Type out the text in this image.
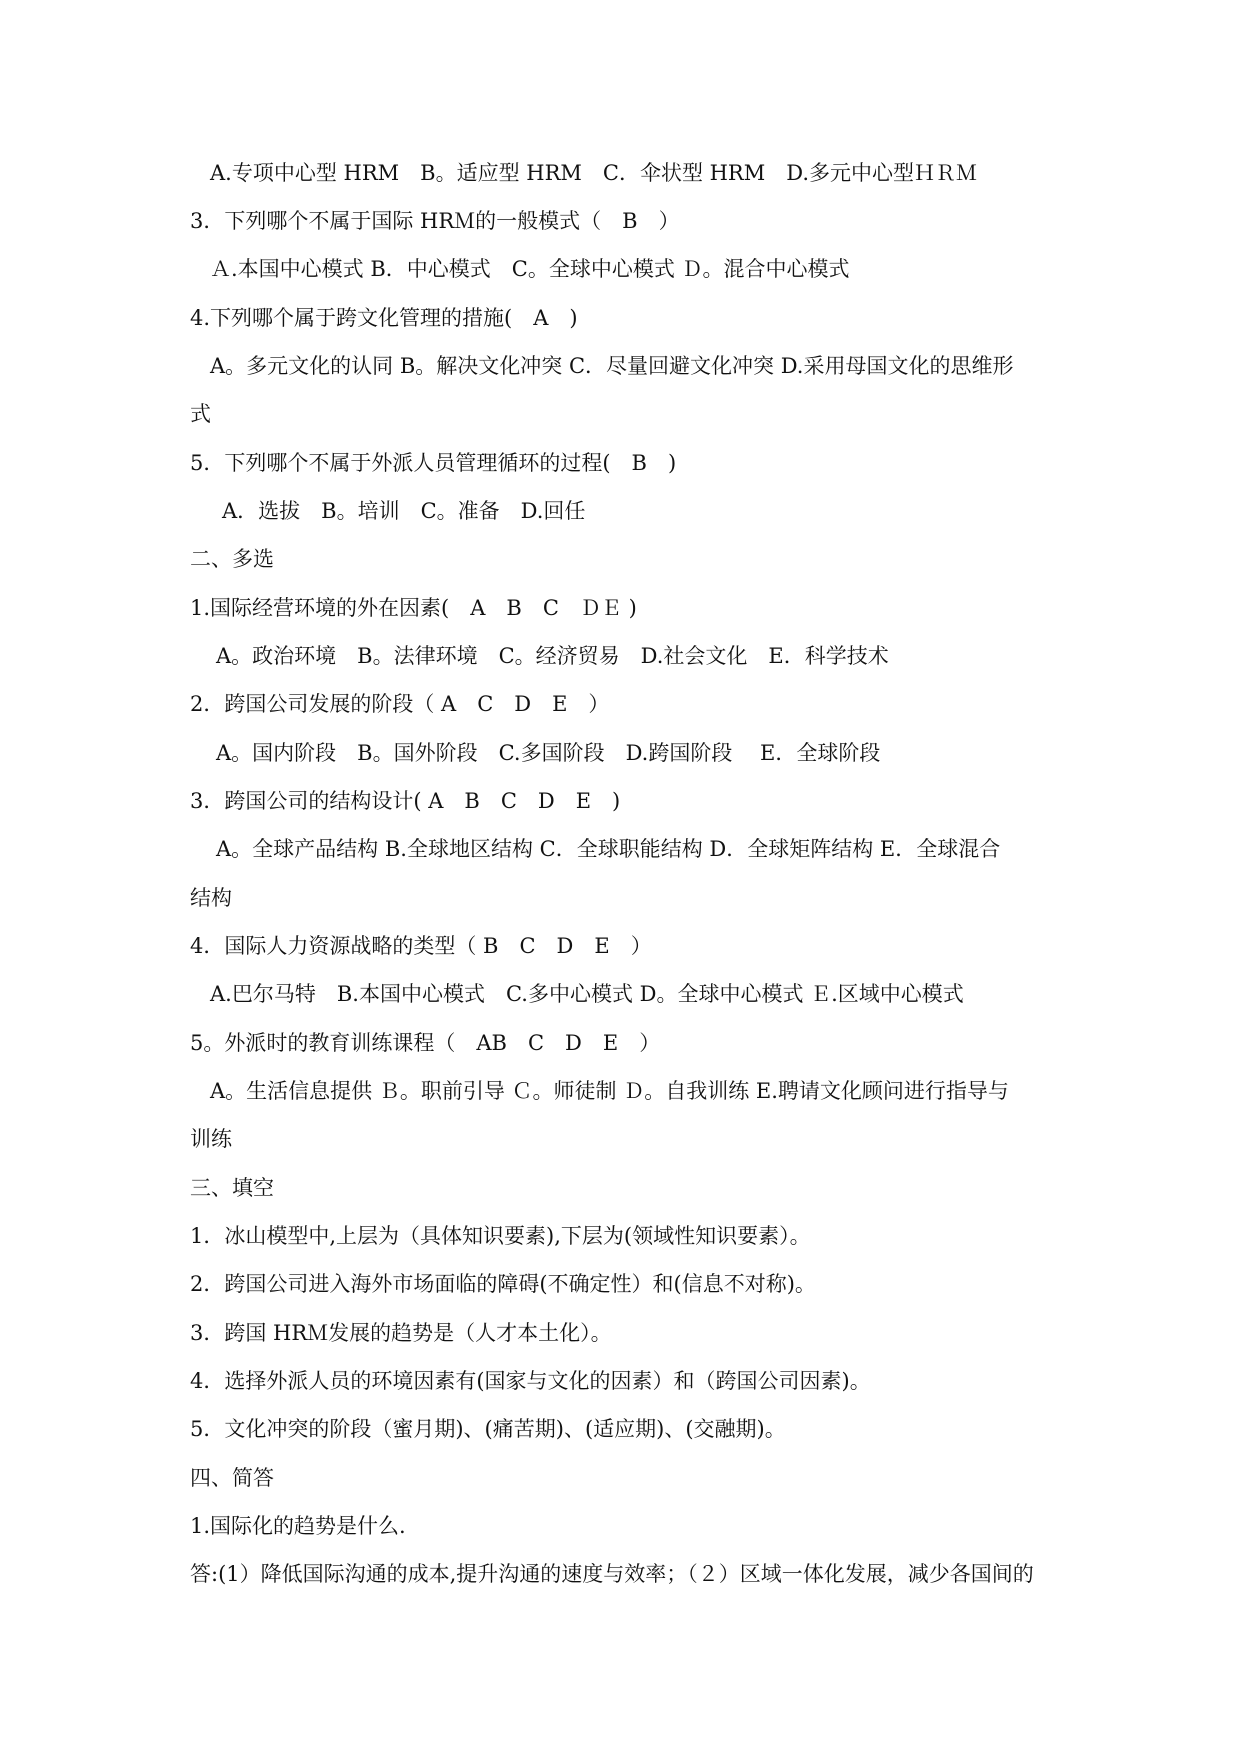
A.专项中心型 HRM　B。适应型 HRM　C．伞状型 HRM　D.多元中心型ＨＲＭ
3．下列哪个不属于国际 HRＭ的一般模式（　B　）
Ａ.本国中心模式 B．中心模式　C。全球中心模式 Ｄ。混合中心模式
4.下列哪个属于跨文化管理的措施(　A　)
A。多元文化的认同 B。解决文化冲突 C．尽量回避文化冲突 D.采用母国文化的思维形
式
5．下列哪个不属于外派人员管理循环的过程(　B　)
A．选拔　B。培训　C。准备　D.回任
二、多选
1.国际经营环境的外在因素(　A　B　C　ＤＥ )
A。政治环境　B。法律环境　C。经济贸易　D.社会文化　E．科学技术
2．跨国公司发展的阶段（ A　C　D　E　）
A。国内阶段　B。国外阶段　C.多国阶段　D.跨国阶段　 E．全球阶段
3．跨国公司的结构设计( A　B　C　D　E　)
A。全球产品结构 B.全球地区结构 C．全球职能结构 D．全球矩阵结构 E．全球混合
结构
4．国际人力资源战略的类型（ B　C　D　E　）
A.巴尔马特　B.本国中心模式　C.多中心模式 D。全球中心模式 Ｅ.区域中心模式
5。外派时的教育训练课程（　AB　C　D　E　）
A。生活信息提供 Ｂ。职前引导 Ｃ。师徒制 Ｄ。自我训练 E.聘请文化顾问进行指导与
训练
三、填空
1．冰山模型中,上层为（具体知识要素),下层为(领域性知识要素）。
2．跨国公司进入海外市场面临的障碍(不确定性）和(信息不对称)。
3．跨国 HRＭ发展的趋势是（人才本土化）。
4．选择外派人员的环境因素有(国家与文化的因素）和（跨国公司因素)。
5．文化冲突的阶段（蜜月期)、(痛苦期)、(适应期)、(交融期)。
四、简答
1.国际化的趋势是什么.
答:(1）降低国际沟通的成本,提升沟通的速度与效率；（２）区域一体化发展，减少各国间的
